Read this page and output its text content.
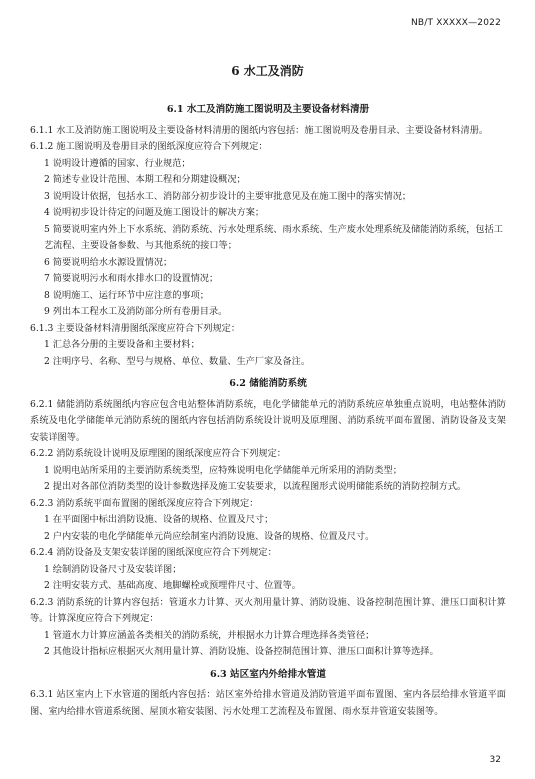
NB/T XXXXX—2022
6 水工及消防
6.1 水工及消防施工图说明及主要设备材料清册

6.1.1 水工及消防施工图说明及主要设备材料清册的图纸内容包括：施工图说明及卷册目录、主要设备材料清册。

6.1.2 施工图说明及卷册目录的图纸深度应符合下列规定：

1 说明设计遵循的国家、行业规范；

2 简述专业设计范围、本期工程和分期建设概况；

3 说明设计依据，包括水工、消防部分初步设计的主要审批意见及在施工图中的落实情况；

4 说明初步设计待定的问题及施工图设计的解决方案；

5 简要说明室内外上下水系统、消防系统、污水处理系统、雨水系统、生产废水处理系统及储能消防系统，包括工艺流程、主要设备参数、与其他系统的接口等；

6 简要说明给水水源设置情况；

7 简要说明污水和雨水排水口的设置情况；

8 说明施工、运行环节中应注意的事项；

9 列出本工程水工及消防部分所有卷册目录。

6.1.3 主要设备材料清册图纸深度应符合下列规定：

1 汇总各分册的主要设备和主要材料；

2 注明序号、名称、型号与规格、单位、数量、生产厂家及备注。

6.2 储能消防系统

6.2.1 储能消防系统图纸内容应包含电站整体消防系统，电化学储能单元的消防系统应单独重点说明，电站整体消防系统及电化学储能单元消防系统的图纸内容包括消防系统设计说明及原理图、消防系统平面布置图、消防设备及支架安装详图等。

6.2.2 消防系统设计说明及原理图的图纸深度应符合下列规定：

1 说明电站所采用的主要消防系统类型，应特殊说明电化学储能单元所采用的消防类型；

2 提出对各部位消防类型的设计参数选择及施工安装要求，以流程图形式说明储能系统的消防控制方式。

6.2.3 消防系统平面布置图的图纸深度应符合下列规定：

1 在平面图中标出消防设施、设备的规格、位置及尺寸；

2 户内安装的电化学储能单元尚应绘制室内消防设施、设备的规格、位置及尺寸。

6.2.4 消防设备及支架安装详图的图纸深度应符合下列规定：

1 绘制消防设备尺寸及安装详图；

2 注明安装方式、基础高度、地脚螺栓或预埋件尺寸、位置等。

6.2.3 消防系统的计算内容包括：管道水力计算、灭火剂用量计算、消防设施、设备控制范围计算、泄压口面积计算等。计算深度应符合下列规定：

1 管道水力计算应涵盖各类相关的消防系统，并根据水力计算合理选择各类管径；

2 其他设计指标应根据灭火剂用量计算、消防设施、设备控制范围计算、泄压口面积计算等选择。

6.3 站区室内外给排水管道

6.3.1 站区室内上下水管道的图纸内容包括：站区室外给排水管道及消防管道平面布置图、室内各层给排水管道平面图、室内给排水管道系统图、屋顶水箱安装图、污水处理工艺流程及布置图、雨水泵井管道安装图等。

32
